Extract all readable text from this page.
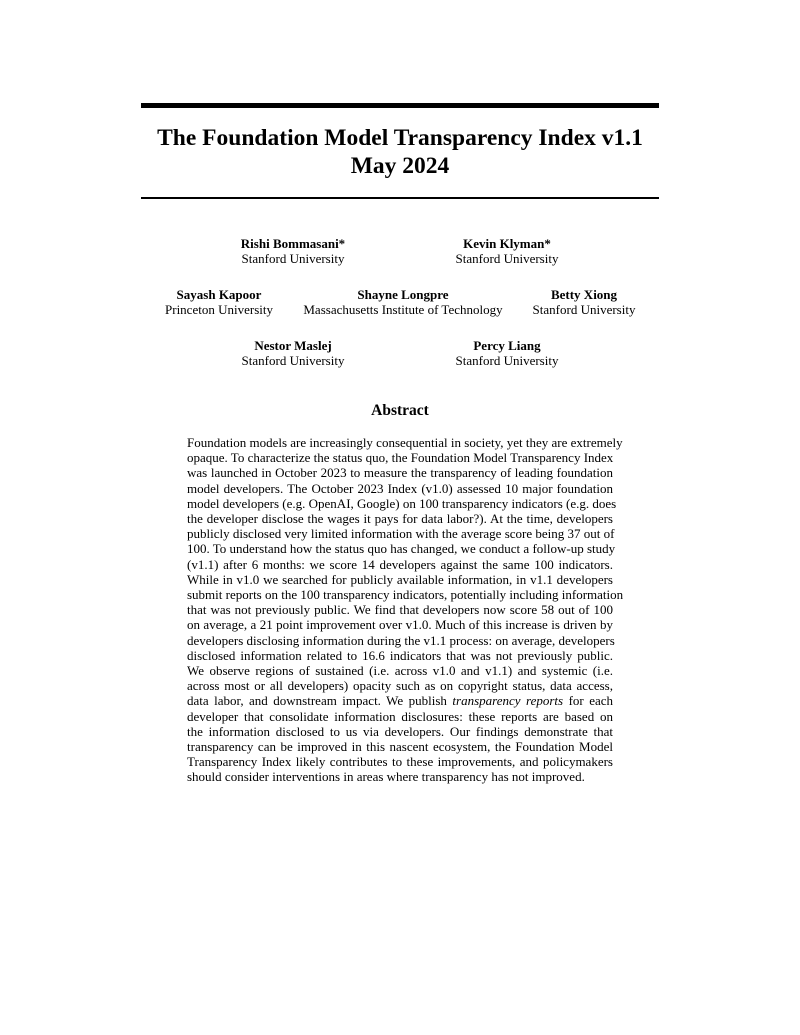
The Foundation Model Transparency Index v1.1
May 2024
Rishi Bommasani*
Stanford University
Kevin Klyman*
Stanford University
Sayash Kapoor
Princeton University
Shayne Longpre
Massachusetts Institute of Technology
Betty Xiong
Stanford University
Nestor Maslej
Stanford University
Percy Liang
Stanford University
Abstract
Foundation models are increasingly consequential in society, yet they are extremely
opaque. To characterize the status quo, the Foundation Model Transparency Index
was launched in October 2023 to measure the transparency of leading foundation
model developers. The October 2023 Index (v1.0) assessed 10 major foundation
model developers (e.g. OpenAI, Google) on 100 transparency indicators (e.g. does
the developer disclose the wages it pays for data labor?). At the time, developers
publicly disclosed very limited information with the average score being 37 out of
100. To understand how the status quo has changed, we conduct a follow-up study
(v1.1) after 6 months: we score 14 developers against the same 100 indicators.
While in v1.0 we searched for publicly available information, in v1.1 developers
submit reports on the 100 transparency indicators, potentially including information
that was not previously public. We find that developers now score 58 out of 100
on average, a 21 point improvement over v1.0. Much of this increase is driven by
developers disclosing information during the v1.1 process: on average, developers
disclosed information related to 16.6 indicators that was not previously public.
We observe regions of sustained (i.e. across v1.0 and v1.1) and systemic (i.e.
across most or all developers) opacity such as on copyright status, data access,
data labor, and downstream impact. We publish transparency reports for each
developer that consolidate information disclosures: these reports are based on
the information disclosed to us via developers. Our findings demonstrate that
transparency can be improved in this nascent ecosystem, the Foundation Model
Transparency Index likely contributes to these improvements, and policymakers
should consider interventions in areas where transparency has not improved.
